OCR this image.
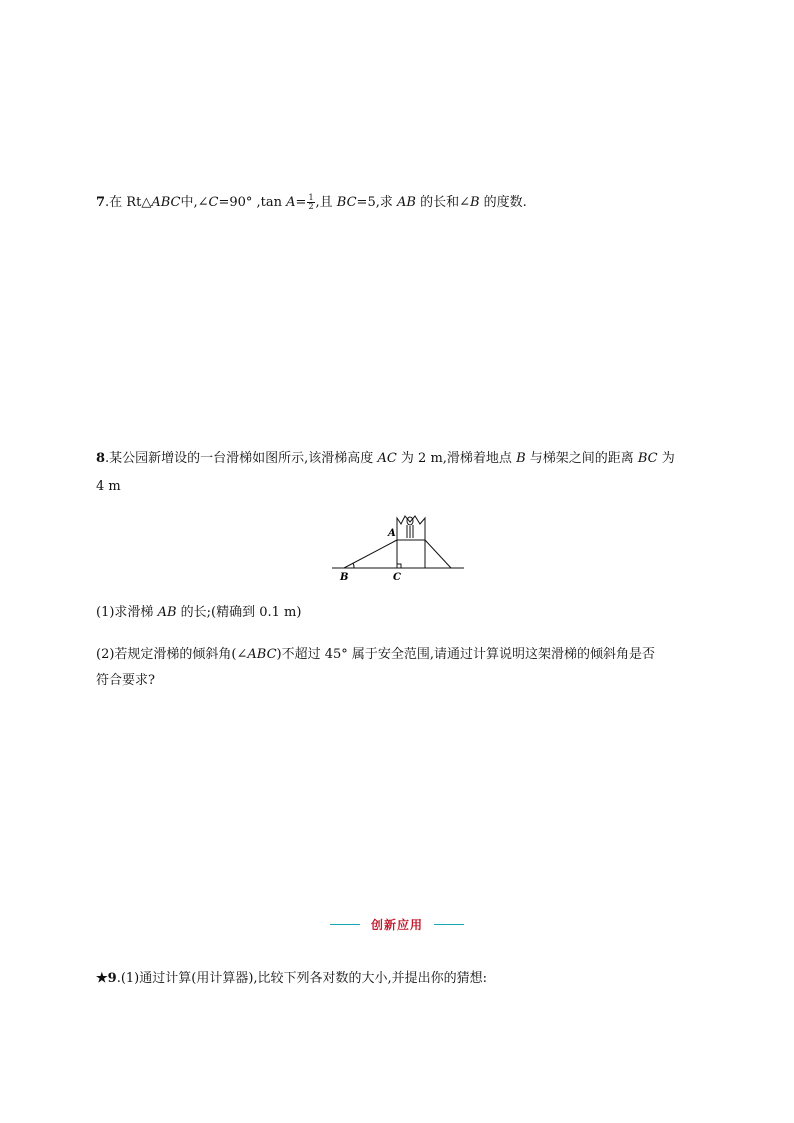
7.在 Rt△ABC中,∠C=90° ,tan $A= \frac{1}{2}$ ,且 BC=5,求 AB 的长和∠B 的度数.
8.某公园新增设的一台滑梯如图所示,该滑梯高度 AC 为 2 m,滑梯着地点 B 与梯架之间的距离 BC 为
4 m
A
B	C
(1)求滑梯 AB 的长;(精确到 0.1 m)
(2)若规定滑梯的倾斜角(∠ABC)不超过 45° 属于安全范围,请通过计算说明这架滑梯的倾斜角是否
符合要求?
创新应用
★9.(1)通过计算(用计算器),比较下列各对数的大小,并提出你的猜想:
